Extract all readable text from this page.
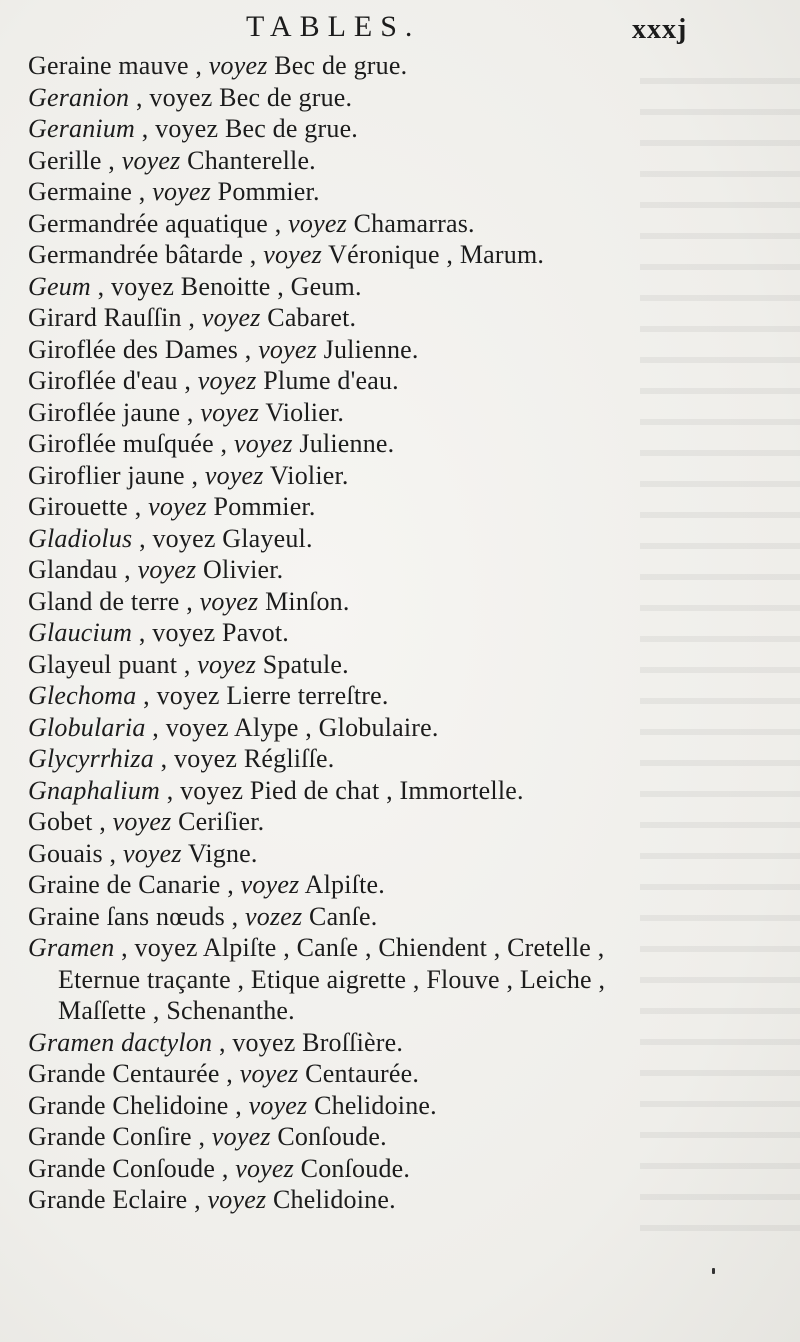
TABLES.	xxxj
Geraine mauve , voyez Bec de grue.
Geranion , voyez Bec de grue.
Geranium , voyez Bec de grue.
Gerille , voyez Chanterelle.
Germaine , voyez Pommier.
Germandrée aquatique , voyez Chamarras.
Germandrée bâtarde , voyez Véronique , Marum.
Geum , voyez Benoitte , Geum.
Girard Rauſſin , voyez Cabaret.
Giroflée des Dames , voyez Julienne.
Giroflée d'eau , voyez Plume d'eau.
Giroflée jaune , voyez Violier.
Giroflée muſquée , voyez Julienne.
Giroflier jaune , voyez Violier.
Girouette , voyez Pommier.
Gladiolus , voyez Glayeul.
Glandau , voyez Olivier.
Gland de terre , voyez Minſon.
Glaucium , voyez Pavot.
Glayeul puant , voyez Spatule.
Glechoma , voyez Lierre terreſtre.
Globularia , voyez Alype , Globulaire.
Glycyrrhiza , voyez Régliſſe.
Gnaphalium , voyez Pied de chat , Immortelle.
Gobet , voyez Ceriſier.
Gouais , voyez Vigne.
Graine de Canarie , voyez Alpiſte.
Graine ſans nœuds , vozez Canſe.
Gramen , voyez Alpiſte , Canſe , Chiendent , Cretelle ,
Eternue traçante , Etique aigrette , Flouve , Leiche ,
Maſſette , Schenanthe.
Gramen dactylon , voyez Broſſière.
Grande Centaurée , voyez Centaurée.
Grande Chelidoine , voyez Chelidoine.
Grande Conſire , voyez Conſoude.
Grande Conſoude , voyez Conſoude.
Grande Eclaire , voyez Chelidoine.
